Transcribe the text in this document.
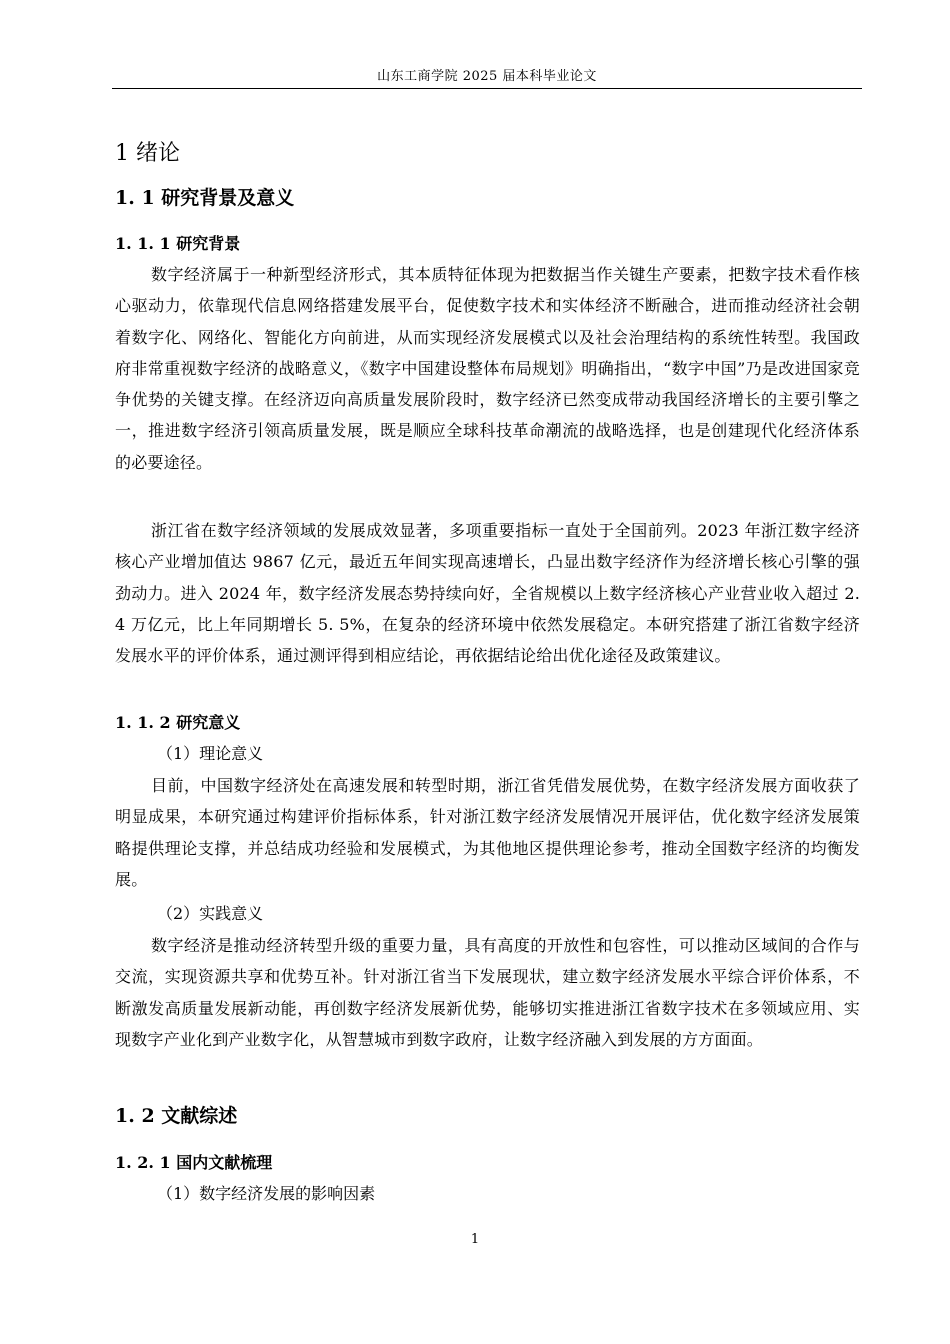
山东工商学院 2025 届本科毕业论文
1 绪论
1. 1 研究背景及意义
1. 1. 1 研究背景

数字经济属于一种新型经济形式，其本质特征体现为把数据当作关键生产要素，把数字技术看作核心驱动力，依靠现代信息网络搭建发展平台，促使数字技术和实体经济不断融合，进而推动经济社会朝着数字化、网络化、智能化方向前进，从而实现经济发展模式以及社会治理结构的系统性转型。我国政府非常重视数字经济的战略意义，《数字中国建设整体布局规划》明确指出，“数字中国”乃是改进国家竞争优势的关键支撑。在经济迈向高质量发展阶段时，数字经济已然变成带动我国经济增长的主要引擎之一，推进数字经济引领高质量发展，既是顺应全球科技革命潮流的战略选择，也是创建现代化经济体系的必要途径。

浙江省在数字经济领域的发展成效显著，多项重要指标一直处于全国前列。2023 年浙江数字经济核心产业增加值达 9867 亿元，最近五年间实现高速增长，凸显出数字经济作为经济增长核心引擎的强劲动力。进入 2024 年，数字经济发展态势持续向好，全省规模以上数字经济核心产业营业收入超过 2. 4 万亿元，比上年同期增长 5. 5%，在复杂的经济环境中依然发展稳定。本研究搭建了浙江省数字经济发展水平的评价体系，通过测评得到相应结论，再依据结论给出优化途径及政策建议。

1. 1. 2 研究意义

（1）理论意义

目前，中国数字经济处在高速发展和转型时期，浙江省凭借发展优势，在数字经济发展方面收获了明显成果，本研究通过构建评价指标体系，针对浙江数字经济发展情况开展评估，优化数字经济发展策略提供理论支撑，并总结成功经验和发展模式，为其他地区提供理论参考，推动全国数字经济的均衡发展。

（2）实践意义

数字经济是推动经济转型升级的重要力量，具有高度的开放性和包容性，可以推动区域间的合作与交流，实现资源共享和优势互补。针对浙江省当下发展现状，建立数字经济发展水平综合评价体系，不断激发高质量发展新动能，再创数字经济发展新优势，能够切实推进浙江省数字技术在多领域应用、实现数字产业化到产业数字化，从智慧城市到数字政府，让数字经济融入到发展的方方面面。

1. 2 文献综述
1. 2. 1 国内文献梳理

（1）数字经济发展的影响因素

1
